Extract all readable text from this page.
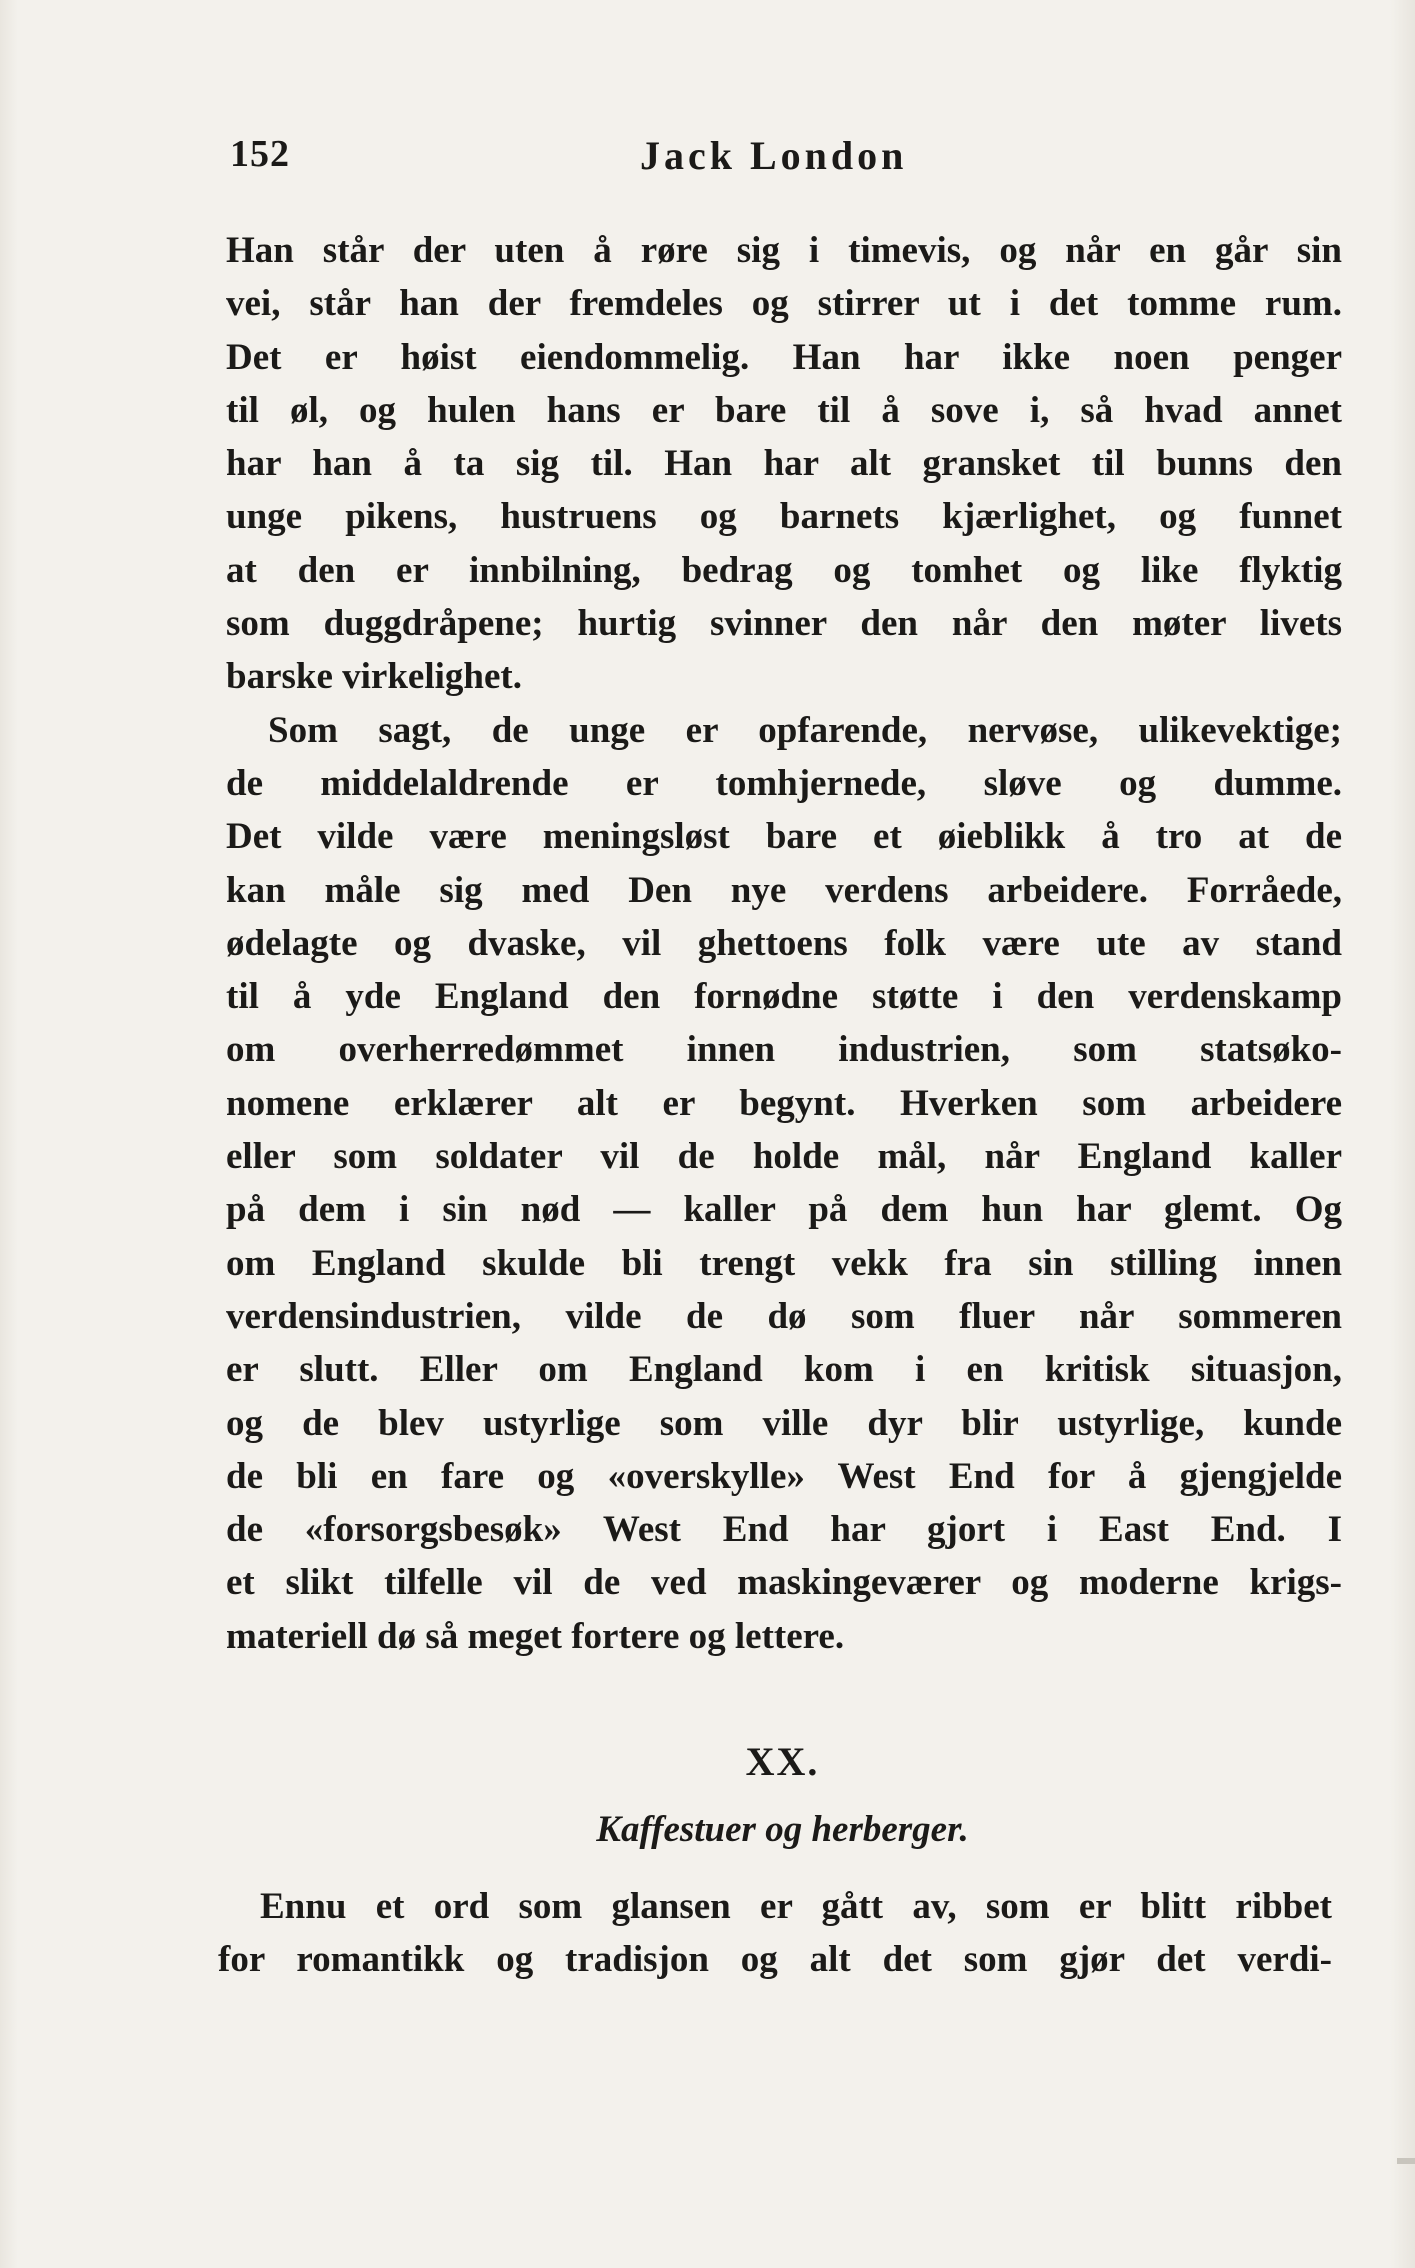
152	Jack London
Han står der uten å røre sig i timevis, og når en går sin
vei, står han der fremdeles og stirrer ut i det tomme rum.
Det er høist eiendommelig. Han har ikke noen penger
til øl, og hulen hans er bare til å sove i, så hvad annet
har han å ta sig til. Han har alt gransket til bunns den
unge pikens, hustruens og barnets kjærlighet, og funnet
at den er innbilning, bedrag og tomhet og like flyktig
som duggdråpene; hurtig svinner den når den møter livets
barske virkelighet.
Som sagt, de unge er opfarende, nervøse, ulikevektige;
de middelaldrende er tomhjernede, sløve og dumme.
Det vilde være meningsløst bare et øieblikk å tro at de
kan måle sig med Den nye verdens arbeidere. Forråede,
ødelagte og dvaske, vil ghettoens folk være ute av stand
til å yde England den fornødne støtte i den verdenskamp
om overherredømmet innen industrien, som statsøko-
nomene erklærer alt er begynt. Hverken som arbeidere
eller som soldater vil de holde mål, når England kaller
på dem i sin nød — kaller på dem hun har glemt. Og
om England skulde bli trengt vekk fra sin stilling innen
verdensindustrien, vilde de dø som fluer når sommeren
er slutt. Eller om England kom i en kritisk situasjon,
og de blev ustyrlige som ville dyr blir ustyrlige, kunde
de bli en fare og «overskylle» West End for å gjengjelde
de «forsorgsbesøk» West End har gjort i East End. I
et slikt tilfelle vil de ved maskingeværer og moderne krigs-
materiell dø så meget fortere og lettere.
XX.
Kaffestuer og herberger.
Ennu et ord som glansen er gått av, som er blitt ribbet
for romantikk og tradisjon og alt det som gjør det verdi-
